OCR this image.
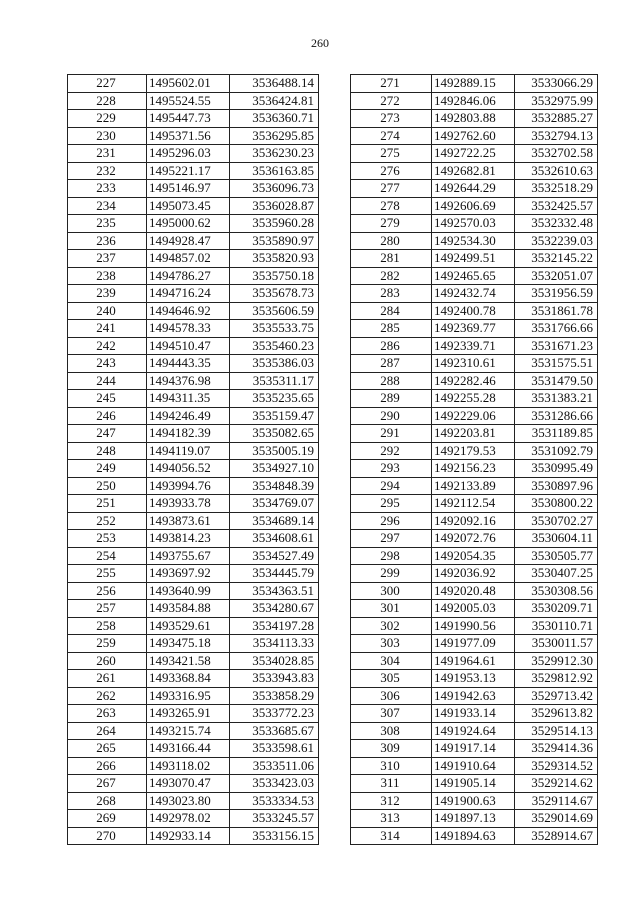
260
227	1495602.01	3536488.14
228	1495524.55	3536424.81
229	1495447.73	3536360.71
230	1495371.56	3536295.85
231	1495296.03	3536230.23
232	1495221.17	3536163.85
233	1495146.97	3536096.73
234	1495073.45	3536028.87
235	1495000.62	3535960.28
236	1494928.47	3535890.97
237	1494857.02	3535820.93
238	1494786.27	3535750.18
239	1494716.24	3535678.73
240	1494646.92	3535606.59
241	1494578.33	3535533.75
242	1494510.47	3535460.23
243	1494443.35	3535386.03
244	1494376.98	3535311.17
245	1494311.35	3535235.65
246	1494246.49	3535159.47
247	1494182.39	3535082.65
248	1494119.07	3535005.19
249	1494056.52	3534927.10
250	1493994.76	3534848.39
251	1493933.78	3534769.07
252	1493873.61	3534689.14
253	1493814.23	3534608.61
254	1493755.67	3534527.49
255	1493697.92	3534445.79
256	1493640.99	3534363.51
257	1493584.88	3534280.67
258	1493529.61	3534197.28
259	1493475.18	3534113.33
260	1493421.58	3534028.85
261	1493368.84	3533943.83
262	1493316.95	3533858.29
263	1493265.91	3533772.23
264	1493215.74	3533685.67
265	1493166.44	3533598.61
266	1493118.02	3533511.06
267	1493070.47	3533423.03
268	1493023.80	3533334.53
269	1492978.02	3533245.57
270	1492933.14	3533156.15
271	1492889.15	3533066.29
272	1492846.06	3532975.99
273	1492803.88	3532885.27
274	1492762.60	3532794.13
275	1492722.25	3532702.58
276	1492682.81	3532610.63
277	1492644.29	3532518.29
278	1492606.69	3532425.57
279	1492570.03	3532332.48
280	1492534.30	3532239.03
281	1492499.51	3532145.22
282	1492465.65	3532051.07
283	1492432.74	3531956.59
284	1492400.78	3531861.78
285	1492369.77	3531766.66
286	1492339.71	3531671.23
287	1492310.61	3531575.51
288	1492282.46	3531479.50
289	1492255.28	3531383.21
290	1492229.06	3531286.66
291	1492203.81	3531189.85
292	1492179.53	3531092.79
293	1492156.23	3530995.49
294	1492133.89	3530897.96
295	1492112.54	3530800.22
296	1492092.16	3530702.27
297	1492072.76	3530604.11
298	1492054.35	3530505.77
299	1492036.92	3530407.25
300	1492020.48	3530308.56
301	1492005.03	3530209.71
302	1491990.56	3530110.71
303	1491977.09	3530011.57
304	1491964.61	3529912.30
305	1491953.13	3529812.92
306	1491942.63	3529713.42
307	1491933.14	3529613.82
308	1491924.64	3529514.13
309	1491917.14	3529414.36
310	1491910.64	3529314.52
311	1491905.14	3529214.62
312	1491900.63	3529114.67
313	1491897.13	3529014.69
314	1491894.63	3528914.67
